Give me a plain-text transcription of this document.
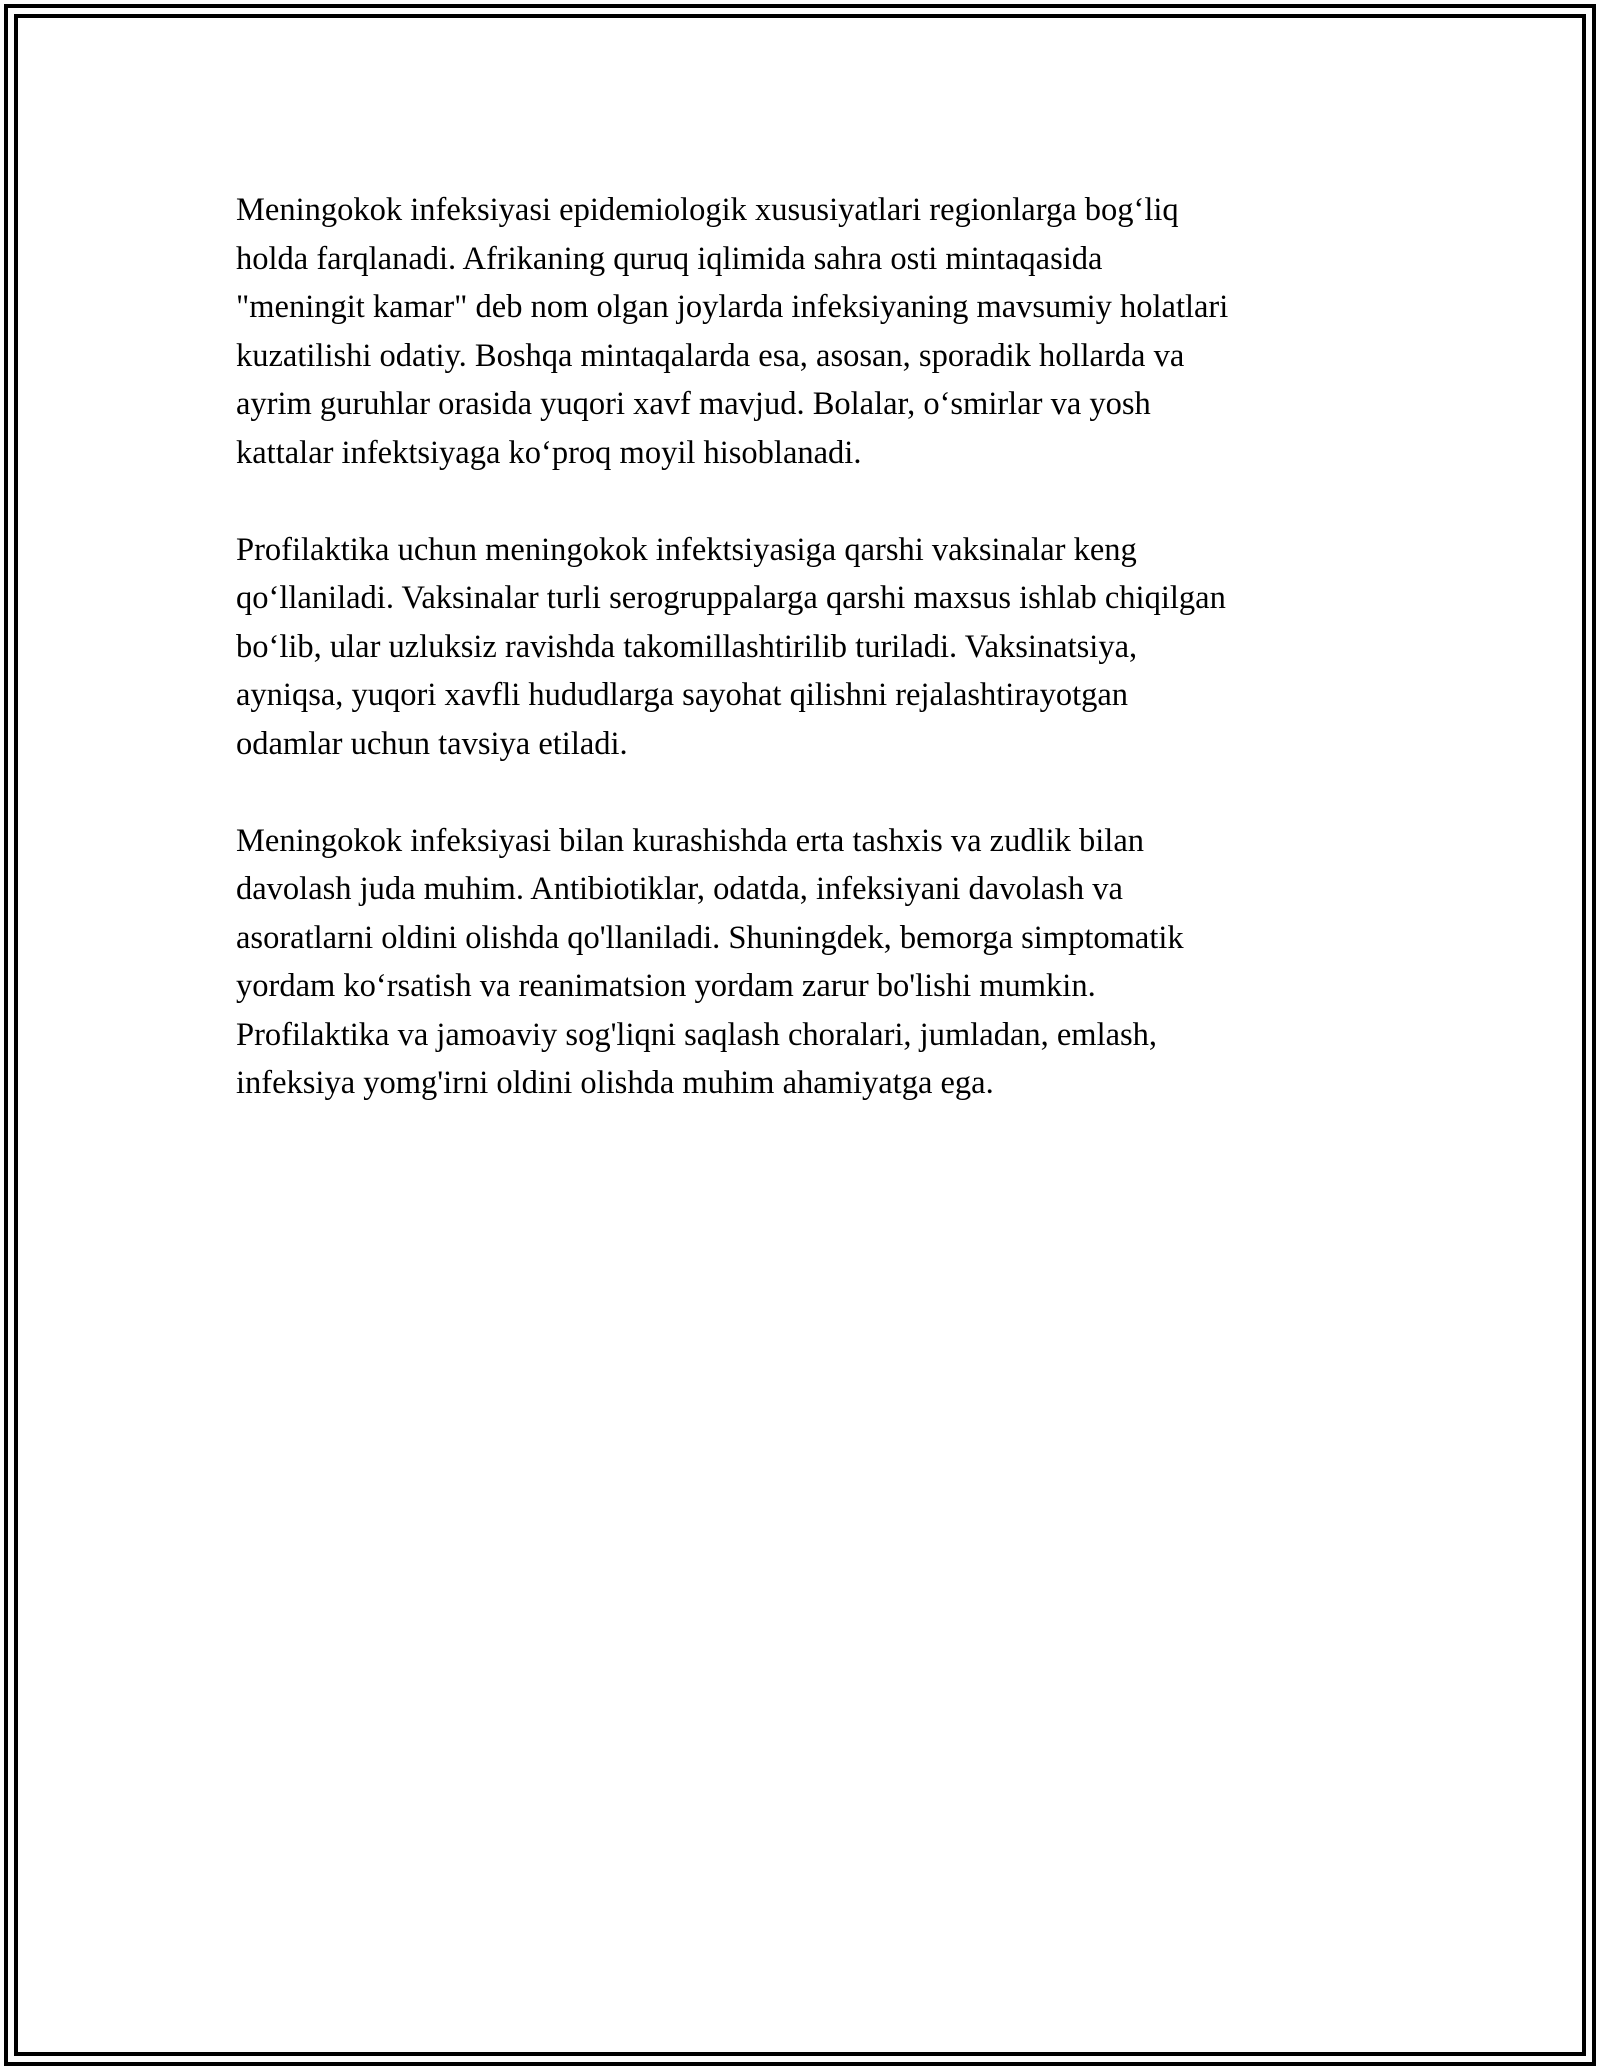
Meningokok infeksiyasi epidemiologik xususiyatlari regionlarga bog‘liq
holda farqlanadi. Afrikaning quruq iqlimida sahra osti mintaqasida
"meningit kamar" deb nom olgan joylarda infeksiyaning mavsumiy holatlari
kuzatilishi odatiy. Boshqa mintaqalarda esa, asosan, sporadik hollarda va
ayrim guruhlar orasida yuqori xavf mavjud. Bolalar, o‘smirlar va yosh
kattalar infektsiyaga ko‘proq moyil hisoblanadi.

Profilaktika uchun meningokok infektsiyasiga qarshi vaksinalar keng
qo‘llaniladi. Vaksinalar turli serogruppalarga qarshi maxsus ishlab chiqilgan
bo‘lib, ular uzluksiz ravishda takomillashtirilib turiladi. Vaksinatsiya,
ayniqsa, yuqori xavfli hududlarga sayohat qilishni rejalashtirayotgan
odamlar uchun tavsiya etiladi.

Meningokok infeksiyasi bilan kurashishda erta tashxis va zudlik bilan
davolash juda muhim. Antibiotiklar, odatda, infeksiyani davolash va
asoratlarni oldini olishda qo'llaniladi. Shuningdek, bemorga simptomatik
yordam ko‘rsatish va reanimatsion yordam zarur bo'lishi mumkin.
Profilaktika va jamoaviy sog'liqni saqlash choralari, jumladan, emlash,
infeksiya yomg'irni oldini olishda muhim ahamiyatga ega.
